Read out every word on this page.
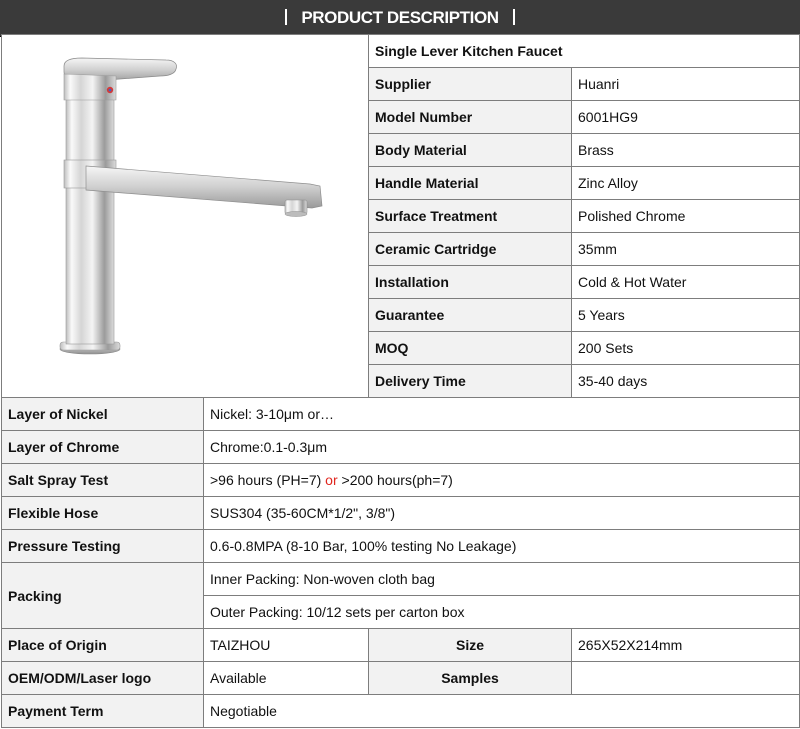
PRODUCT DESCRIPTION
	Single Lever Kitchen Faucet	
		Supplier	Huanri
		Model Number	6001HG9
		Body Material	Brass
		Handle Material	Zinc Alloy
		Surface Treatment	Polished Chrome
		Ceramic Cartridge	35mm
		Installation	Cold & Hot Water
		Guarantee	5 Years
		MOQ	200 Sets
		Delivery Time	35-40 days
Layer of Nickel	Nickel: 3-10μm or…		
Layer of Chrome	Chrome:0.1-0.3μm		
Salt Spray Test	>96 hours (PH=7) or >200 hours(ph=7)		
Flexible Hose	SUS304 (35-60CM*1/2", 3/8")		
Pressure Testing	0.6-0.8MPA (8-10 Bar, 100% testing No Leakage)		
Packing	Inner Packing: Non-woven cloth bag		
	Outer Packing: 10/12 sets per carton box		
Place of Origin	TAIZHOU	Size	265X52X214mm
OEM/ODM/Laser logo	Available	Samples	
Payment Term	Negotiable		
